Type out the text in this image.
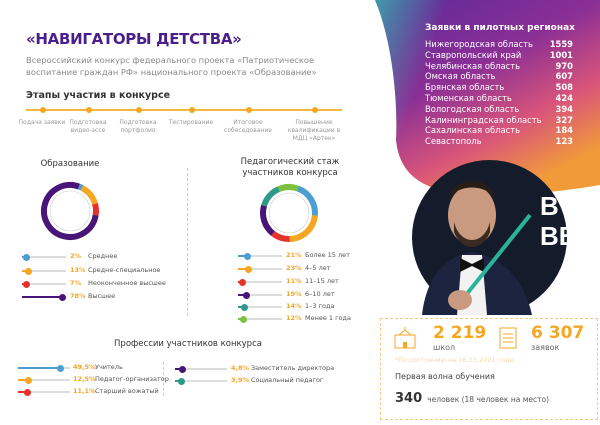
«НАВИГАТОРЫ ДЕТСТВА»
Всероссийский конкурс федерального проекта «Патриотическое воспитание граждан РФ» национального проекта «Образование»
Этапы участия в конкурсе
Образование	Педагогический стаж участников конкурса
Профессии участников конкурса
Заявки в пилотных регионах
Нижегородская область 1559
Ставропольский край	1001
Челябинская область	970
Омская область	607
Брянская область	508
Тюменская область	424
Вологодская область	394
Калининградская область 327
Сахалинская область	184
Севастополь	123
В
ВВ
2 219
школ
6 307
заявок
*По состоянию на 16.03.2021 года
Первая волна обучения
340 человек (18 человек на место)
Подача заявки Подготовка видео-эссе
Подготовка портфолио
Тестирование	Итоговое собеседование
Повышение квалификации в МДЦ «Артек»
2% Среднее
13% Средне-специальное
7% Неоконченное высшее
78% Высшее
21% Более 15 лет
23% 4–5 лет
11% 11–15 лет
19% 6–10 лет
14% 1–3 года
12% Менее 1 года
49,5% Учитель
12,5% Педагог-организатор
11,1% Старший вожатый
4,8% Заместитель директора
3,9% Социальный педагог
